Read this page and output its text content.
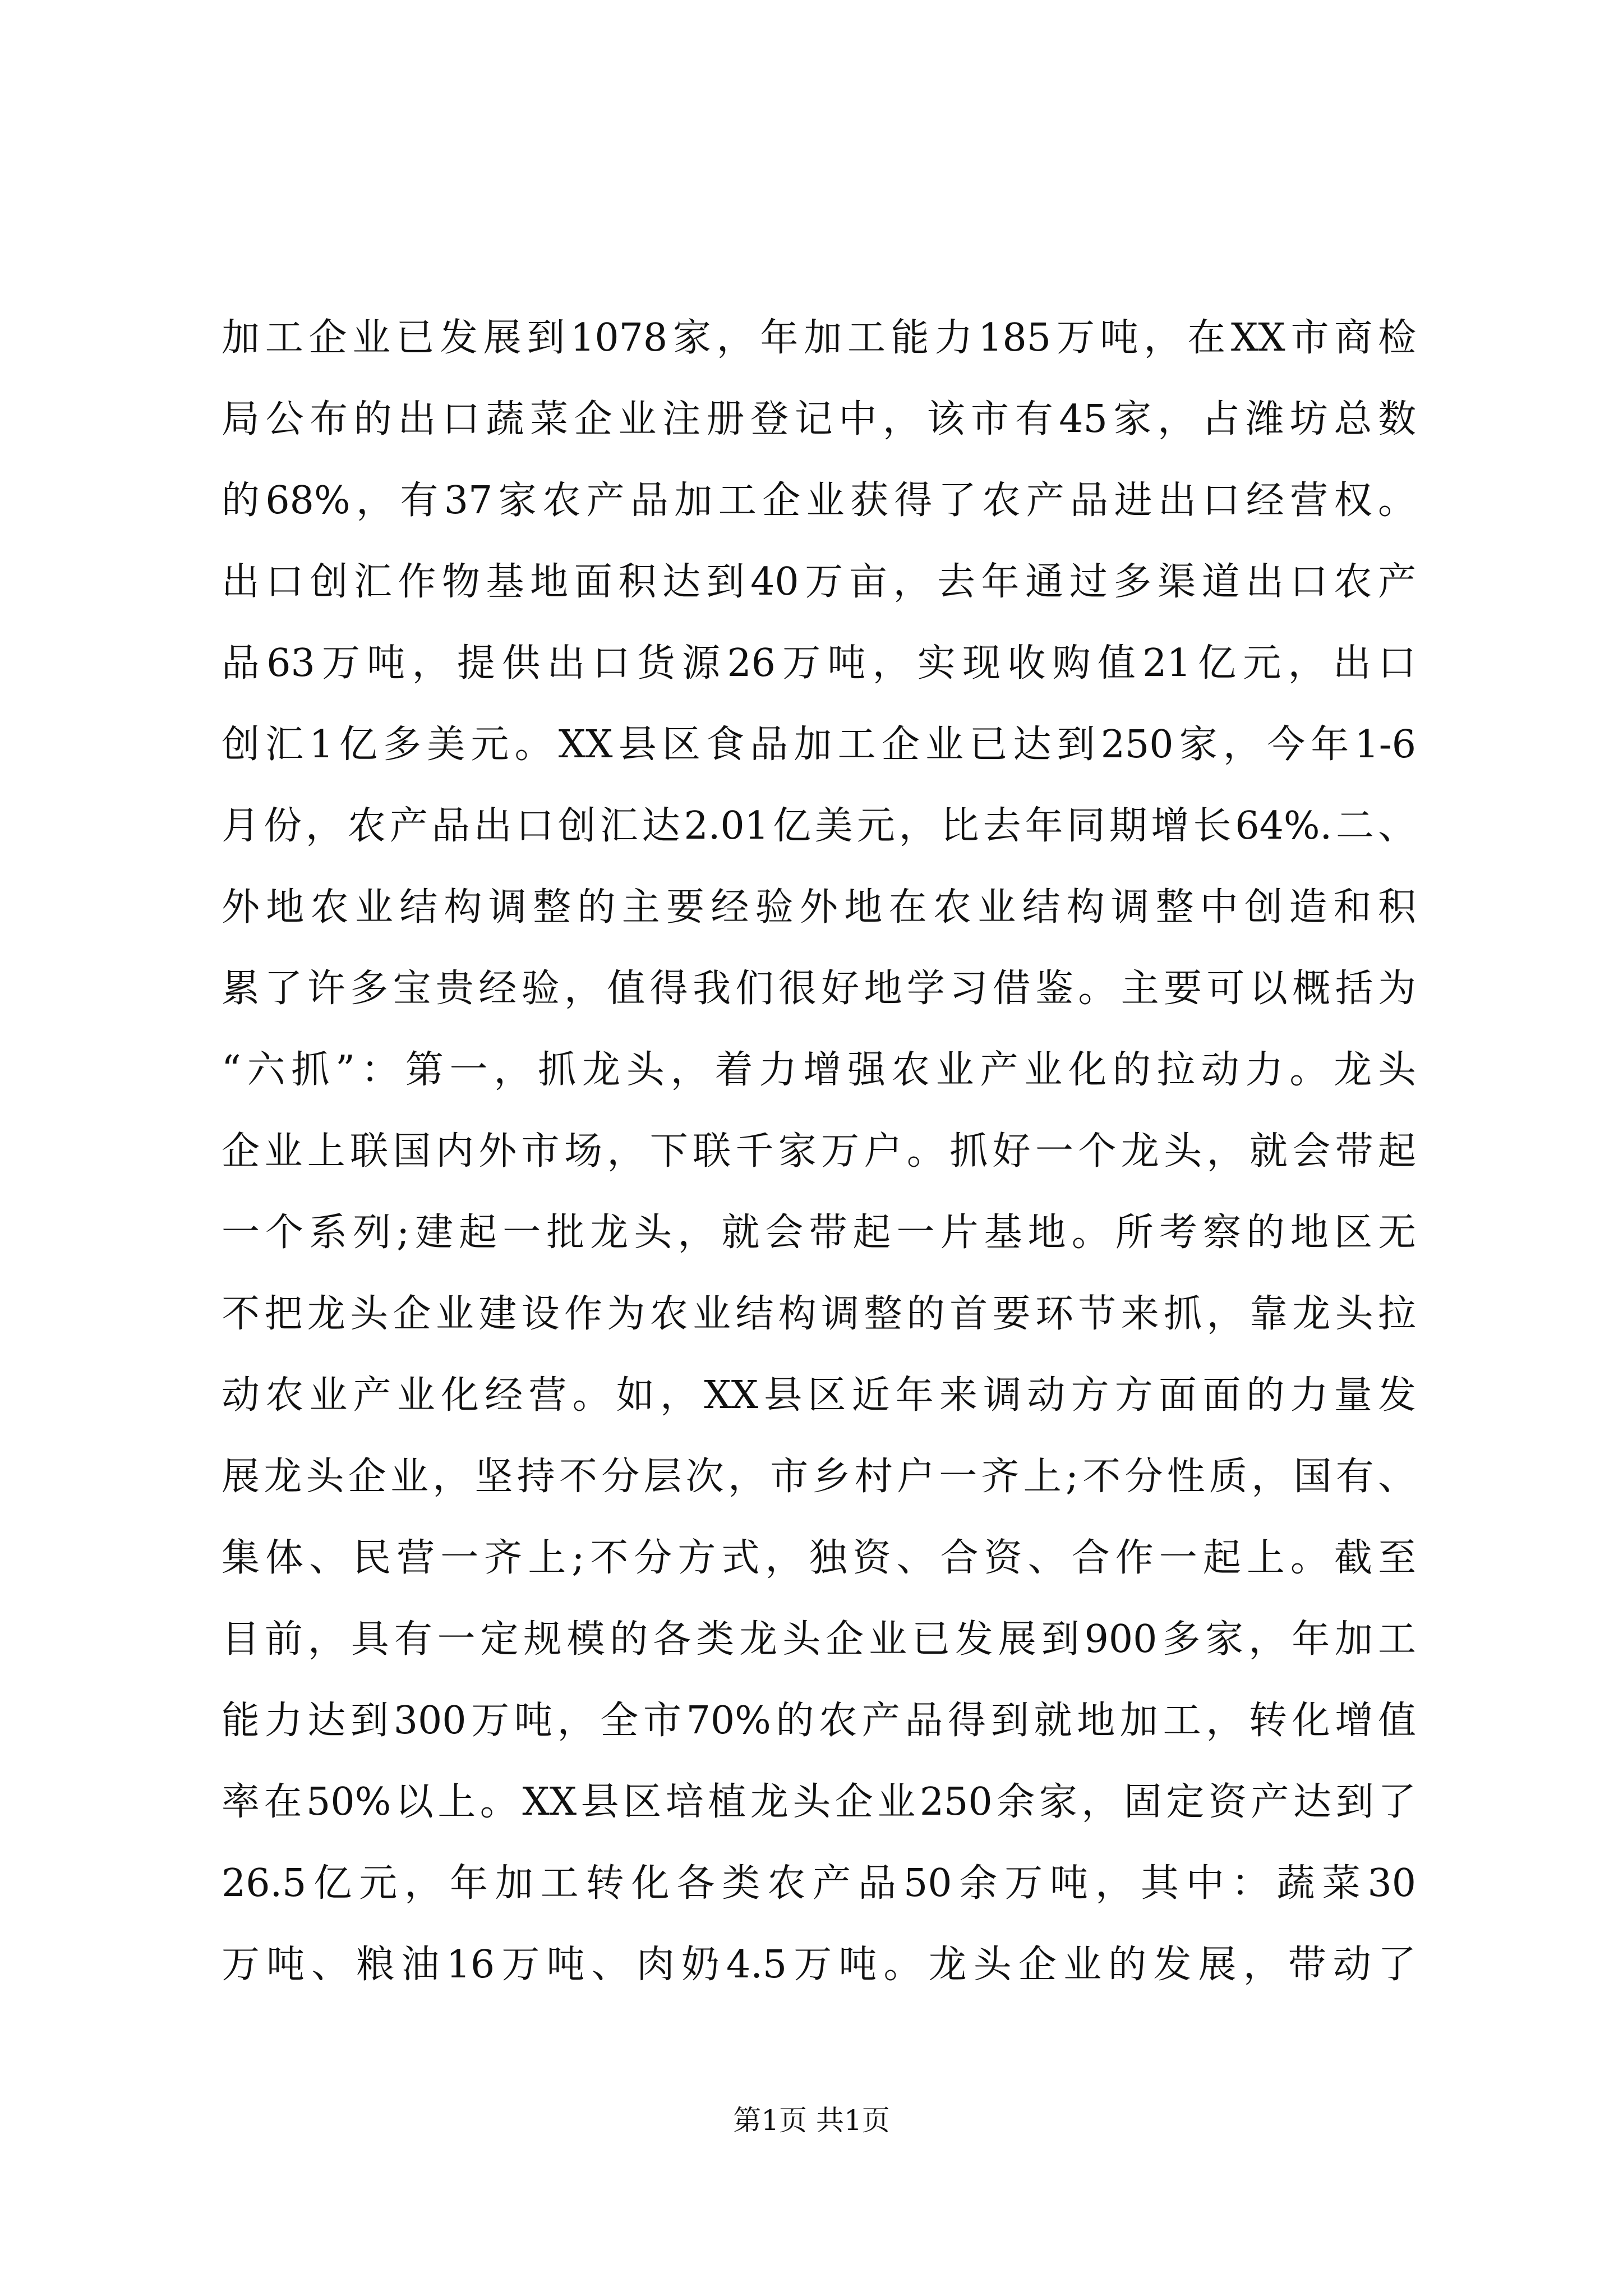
加工企业已发展到1078家，年加工能力185万吨，在XX市商检
局公布的出口蔬菜企业注册登记中，该市有45家，占潍坊总数
的68%，有37家农产品加工企业获得了农产品进出口经营权。
出口创汇作物基地面积达到40万亩，去年通过多渠道出口农产
品63万吨，提供出口货源26万吨，实现收购值21亿元，出口
创汇1亿多美元。XX县区食品加工企业已达到250家，今年1-6
月份，农产品出口创汇达2.01亿美元，比去年同期增长64%.二、
外地农业结构调整的主要经验外地在农业结构调整中创造和积
累了许多宝贵经验，值得我们很好地学习借鉴。主要可以概括为
“六抓”：第一，抓龙头，着力增强农业产业化的拉动力。龙头
企业上联国内外市场，下联千家万户。抓好一个龙头，就会带起
一个系列;建起一批龙头，就会带起一片基地。所考察的地区无
不把龙头企业建设作为农业结构调整的首要环节来抓，靠龙头拉
动农业产业化经营。如，XX县区近年来调动方方面面的力量发
展龙头企业，坚持不分层次，市乡村户一齐上;不分性质，国有、
集体、民营一齐上;不分方式，独资、合资、合作一起上。截至
目前，具有一定规模的各类龙头企业已发展到900多家，年加工
能力达到300万吨，全市70%的农产品得到就地加工，转化增值
率在50%以上。XX县区培植龙头企业250余家，固定资产达到了
26.5亿元，年加工转化各类农产品50余万吨，其中：蔬菜30
万吨、粮油16万吨、肉奶4.5万吨。龙头企业的发展，带动了
第1页 共1页
